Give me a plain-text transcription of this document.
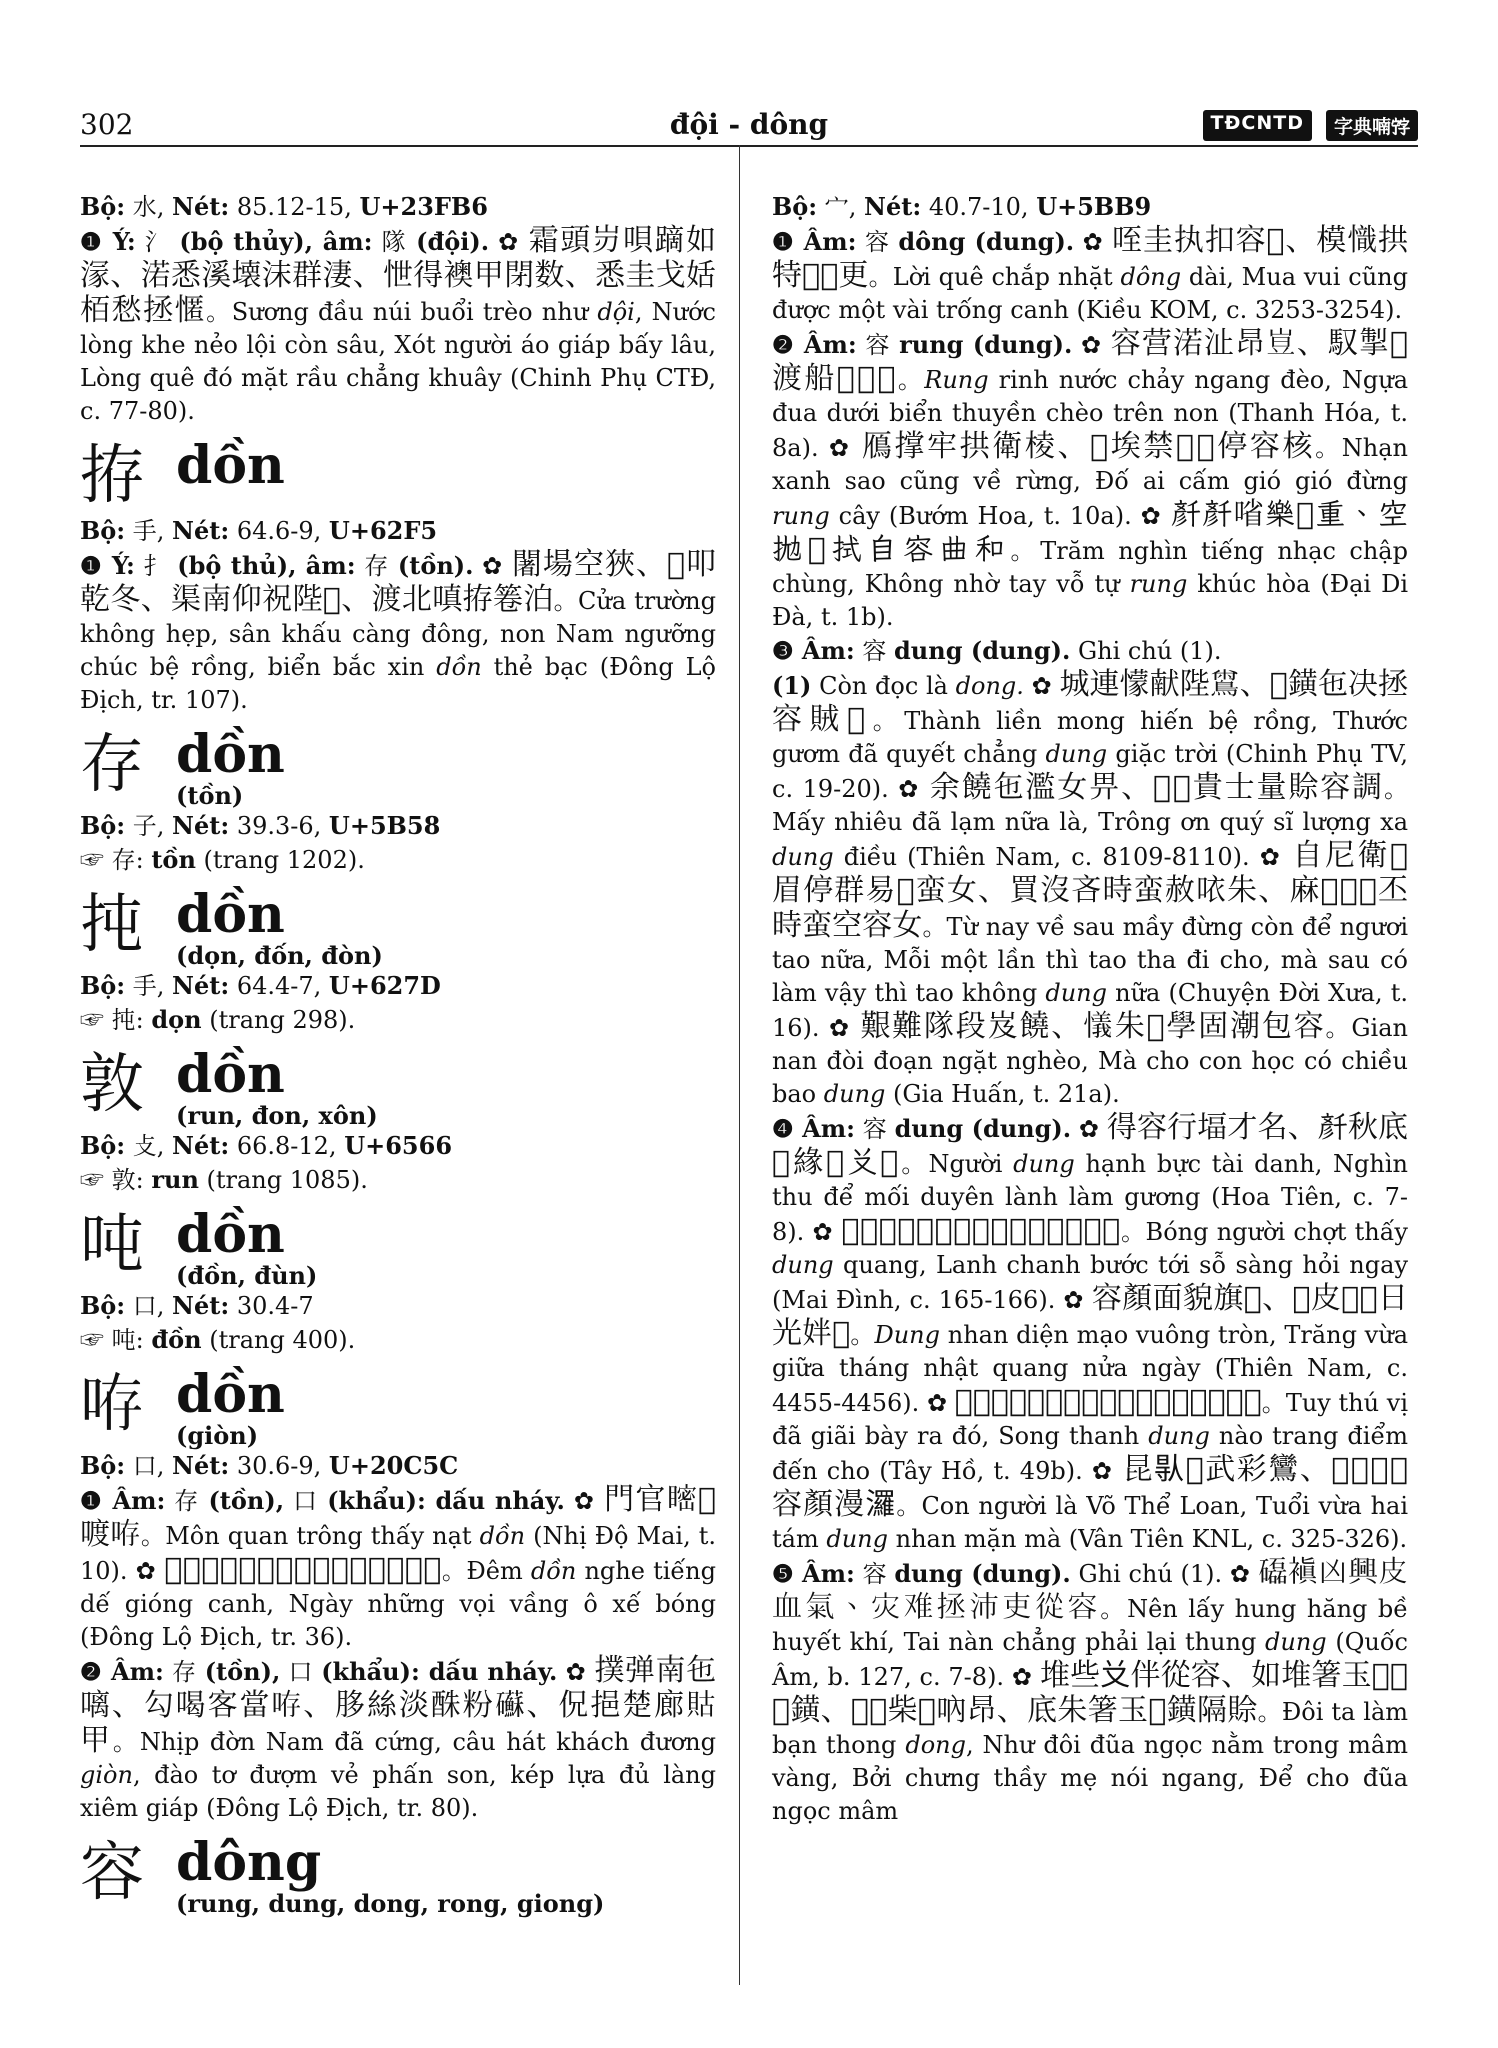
302	đội - dông	TĐCNTD	字典喃𡨸

Bộ: 水, Nét: 85.12-15, U+23FB6

❶ Ý: 氵 (bộ thủy), âm: 隊 (đội). ✿ 霜頭岃唄蹢如溕、渃悉溪壊沫群淒、怈得襖甲閉数、悉圭戈姡栢愁拯㥾。Sương đầu núi buổi trèo như dội, Nước lòng khe nẻo lội còn sâu, Xót người áo giáp bấy lâu, Lòng quê đó mặt rầu chẳng khuây (Chinh Phụ CTĐ, c. 77-80).

拵 dồn

Bộ: 手, Nét: 64.6-9, U+62F5

❶ Ý: 扌 (bộ thủ), âm: 存 (tồn). ✿ 闍場空狹、𡑝叩乾冬、渠南仰祝陛𪂟、渡北嗔拵箞泊。Cửa trường không hẹp, sân khấu càng đông, non Nam ngưỡng chúc bệ rồng, biển bắc xin dồn thẻ bạc (Đông Lộ Địch, tr. 107).

存 dồn
(tồn)

Bộ: 子, Nét: 39.3-6, U+5B58

☞ 存: tồn (trang 1202).

扽 dồn
(dọn, đốn, đòn)

Bộ: 手, Nét: 64.4-7, U+627D

☞ 扽: dọn (trang 298).

敦 dồn
(run, đon, xôn)

Bộ: 攴, Nét: 66.8-12, U+6566

☞ 敦: run (trang 1085).

吨 dồn
(đồn, đùn)

Bộ: 口, Nét: 30.4-7

☞ 吨: đồn (trang 400).

𠱜 dồn
(giòn)

Bộ: 口, Nét: 30.6-9, U+20C5C

❶ Âm: 存 (tồn), 口 (khẩu): dấu nháy. ✿ 門官𥉴𧡊喥𠱜。Môn quan trông thấy nạt dồn (Nhị Độ Mai, t. 10). ✿ 𣎀𠱜𦖻㗂蟡𠾕更、㝵仍𠿯暈烏𡗶膵。Đêm dồn nghe tiếng dế gióng canh, Ngày những vọi vầng ô xế bóng (Đông Lộ Địch, tr. 36).

❷ Âm: 存 (tồn), 口 (khẩu): dấu nháy. ✿ 撲弹南㐌𠻗、勾喝客當𠱜、䏧絲淡䣷粉𥗹、㑆挹楚廊𧵑甲。Nhịp đờn Nam đã cứng, câu hát khách đương giòn, đào tơ đượm vẻ phấn son, kép lựa đủ làng xiêm giáp (Đông Lộ Địch, tr. 80).

容 dông
(rung, dung, dong, rong, giong)

Bộ: 宀, Nét: 40.7-10, U+5BB9

❶ Âm: 容 dông (dung). ✿ 咥圭执扣容𨱽、模𢡠拱特𡗉𣈗更。Lời quê chắp nhặt dông dài, Mua vui cũng được một vài trống canh (Kiều KOM, c. 3253-3254).

❷ Âm: 容 rung (dung). ✿ 容营渃沚昂𡸈、馭掣𣾺渡船𢹣𨒺𡶀。Rung rinh nước chảy ngang đèo, Ngựa đua dưới biển thuyền chèo trên non (Thanh Hóa, t. 8a). ✿ 鴈撑牢拱衛棱、𡛔埃禁𩙍𩙍停容核。Nhạn xanh sao cũng về rừng, Đố ai cấm gió gió đừng rung cây (Bướm Hoa, t. 10a). ✿ 𠦳𠦳㗂樂𤈞重、空拋𢬣拭自容曲和。Trăm nghìn tiếng nhạc chập chùng, Không nhờ tay vỗ tự rung khúc hòa (Đại Di Đà, t. 1b).

❸ Âm: 容 dung (dung). Ghi chú (1).

(1) Còn đọc là dong. ✿ 城連懞献陛𪂟、𢫝鐄㐌决拯容賊𡗶。Thành liền mong hiến bệ rồng, Thước gươm đã quyết chẳng dung giặc trời (Chinh Phụ TV, c. 19-20). ✿ 余饒㐌濫女畀、𩠠𢚸貴士量賒容調。Mấy nhiêu đã lạm nữa là, Trông ơn quý sĩ lượng xa dung điều (Thiên Nam, c. 8109-8110). ✿ 自尼衛𡢐眉停群易𣈜蛮女、買沒吝時蛮赦𠲖朱、麻𡢐𣠖𠬠丕時蛮空容女。Từ nay về sau mầy đừng còn để ngươi tao nữa, Mỗi một lần thì tao tha đi cho, mà sau có làm vậy thì tao không dung nữa (Chuyện Đời Xưa, t. 16). ✿ 艱難隊段岌饒、𢣂朱𫼳學固潮包容。Gian nan đòi đoạn ngặt nghèo, Mà cho con học có chiều bao dung (Gia Huấn, t. 21a).

❹ Âm: 容 dung (dung). ✿ 得容行堛才名、𠦳秋底𦀊緣𨢇𠬠𠢞。Người dung hạnh bực tài danh, Nghìn thu để mối duyên lành làm gương (Hoa Tiên, c. 7-8). ✿ 𩃳得秩𧡊容光、呤𠰳趴細𡃏床𠽄𠿂。Bóng người chợt thấy dung quang, Lanh chanh bước tới sỗ sàng hỏi ngay (Mai Đình, c. 165-166). ✿ 容顏面貌旗𨅸、𩈘皮𢩮𦝄日光姅𣋚。Dung nhan diện mạo vuông tròn, Trăng vừa giữa tháng nhật quang nửa ngày (Thiên Nam, c. 4455-4456). ✿ 𦑗趣味㐌𤎜排𠸠𡛔、双清容市粧點旦朱。Tuy thú vị đã giãi bày ra đó, Song thanh dung nào trang điểm đến cho (Tây Hồ, t. 49b). ✿ 昆𠊛𠳒武彩鸞、𨤔𢬣𦓡𠁾容顏漫𤄷。Con người là Võ Thể Loan, Tuổi vừa hai tám dung nhan mặn mà (Vân Tiên KNL, c. 325-326).

❺ Âm: 容 dung (dung). Ghi chú (1). ✿ 𥗐𧜖凶興皮血氣、灾难拯沛吏從容。Nên lấy hung hăng bề huyết khí, Tai nàn chẳng phải lại thung dung (Quốc Âm, b. 127, c. 7-8). ✿ 堆些𠬠伴從容、如堆箸玉𦣰𨕭𥺹鐄、𩈘𢀨柴𡛔吶昂、底朱箸玉𥺹鐄隔賒。Đôi ta làm bạn thong dong, Như đôi đũa ngọc nằm trong mâm vàng, Bởi chưng thầy mẹ nói ngang, Để cho đũa ngọc mâm
